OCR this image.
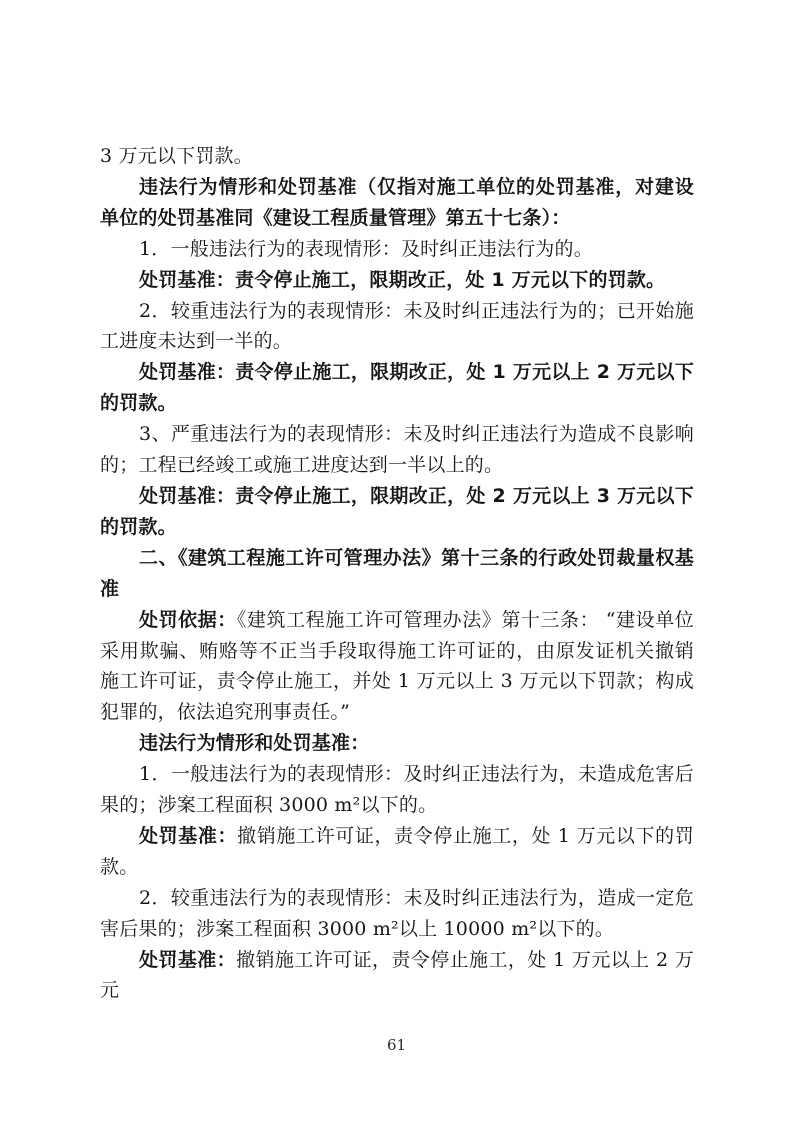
3 万元以下罚款。

违法行为情形和处罚基准（仅指对施工单位的处罚基准，对建设单位的处罚基准同《建设工程质量管理》第五十七条）：

1．一般违法行为的表现情形：及时纠正违法行为的。

处罚基准：责令停止施工，限期改正，处 1 万元以下的罚款。

2．较重违法行为的表现情形：未及时纠正违法行为的；已开始施工进度未达到一半的。

处罚基准：责令停止施工，限期改正，处 1 万元以上 2 万元以下的罚款。

3、严重违法行为的表现情形：未及时纠正违法行为造成不良影响的；工程已经竣工或施工进度达到一半以上的。

处罚基准：责令停止施工，限期改正，处 2 万元以上 3 万元以下的罚款。

二、《建筑工程施工许可管理办法》第十三条的行政处罚裁量权基准

处罚依据：《建筑工程施工许可管理办法》第十三条： “建设单位采用欺骗、贿赂等不正当手段取得施工许可证的，由原发证机关撤销施工许可证，责令停止施工，并处 1 万元以上 3 万元以下罚款；构成犯罪的，依法追究刑事责任。”

违法行为情形和处罚基准：

1．一般违法行为的表现情形：及时纠正违法行为，未造成危害后果的；涉案工程面积 3000 m²以下的。

处罚基准：撤销施工许可证，责令停止施工，处 1 万元以下的罚款。

2．较重违法行为的表现情形：未及时纠正违法行为，造成一定危害后果的；涉案工程面积 3000 m²以上 10000 m²以下的。

处罚基准：撤销施工许可证，责令停止施工，处 1 万元以上 2 万元

61
